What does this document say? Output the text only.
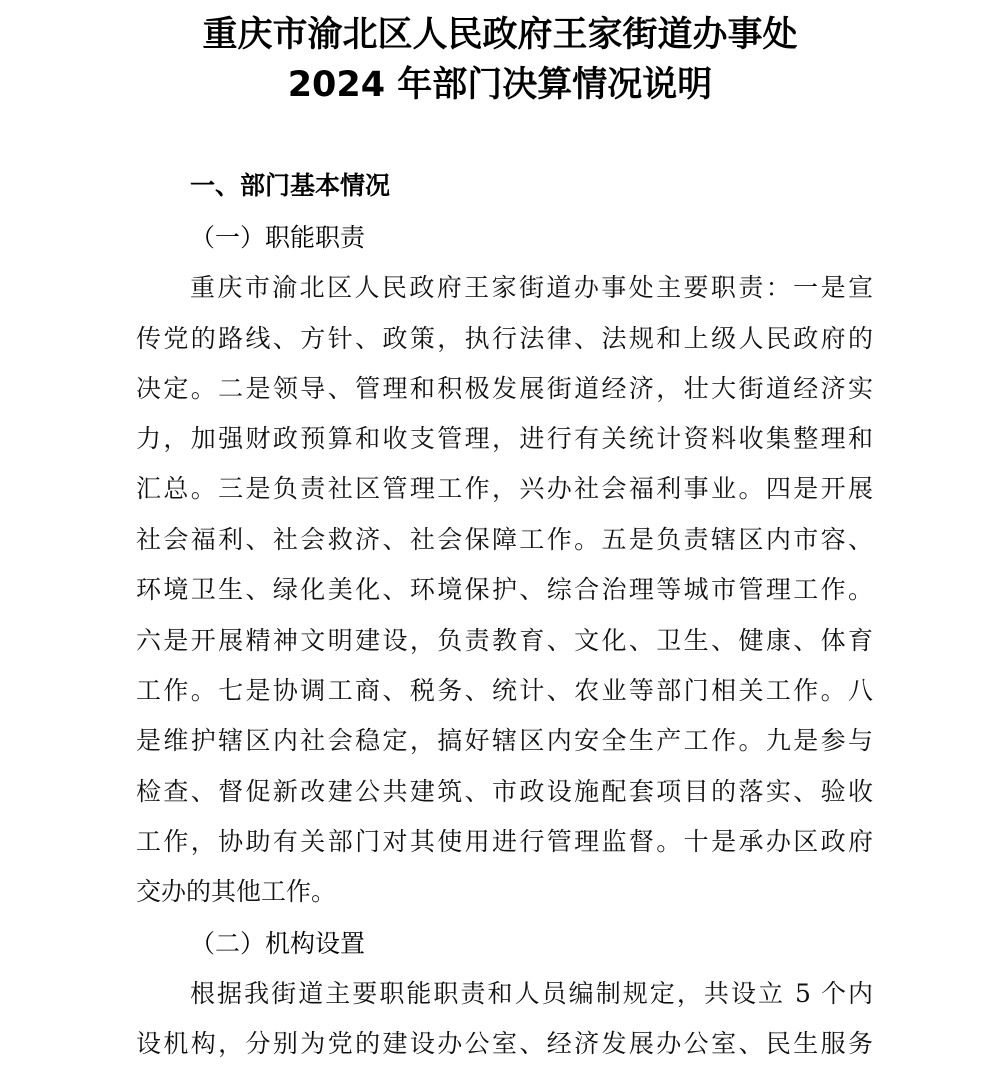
重庆市渝北区人民政府王家街道办事处
2024 年部门决算情况说明
一、部门基本情况
（一）职能职责
重庆市渝北区人民政府王家街道办事处主要职责：一是宣
传党的路线、方针、政策，执行法律、法规和上级人民政府的
决定。二是领导、管理和积极发展街道经济，壮大街道经济实
力，加强财政预算和收支管理，进行有关统计资料收集整理和
汇总。三是负责社区管理工作，兴办社会福利事业。四是开展
社会福利、社会救济、社会保障工作。五是负责辖区内市容、
环境卫生、绿化美化、环境保护、综合治理等城市管理工作。
六是开展精神文明建设，负责教育、文化、卫生、健康、体育
工作。七是协调工商、税务、统计、农业等部门相关工作。八
是维护辖区内社会稳定，搞好辖区内安全生产工作。九是参与
检查、督促新改建公共建筑、市政设施配套项目的落实、验收
工作，协助有关部门对其使用进行管理监督。十是承办区政府
交办的其他工作。
（二）机构设置
根据我街道主要职能职责和人员编制规定，共设立 5 个内
设机构，分别为党的建设办公室、经济发展办公室、民生服务
